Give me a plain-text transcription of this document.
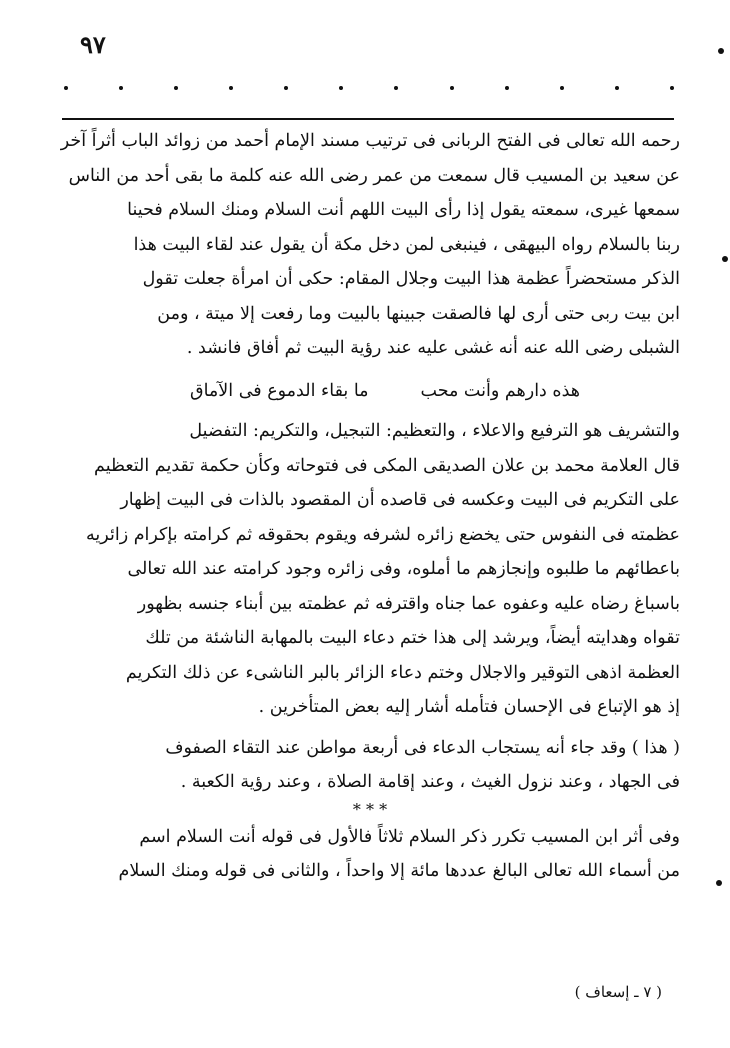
٩٧

رحمه الله تعالى فى الفتح الربانى فى ترتيب مسند الإمام أحمد من زوائد الباب أثراً آخر

عن سعيد بن المسيب قال سمعت من عمر رضى الله عنه كلمة ما بقى أحد من الناس

سمعها غيرى، سمعته يقول إذا رأى البيت اللهم أنت السلام ومنك السلام فحينا

ربنا بالسلام رواه البيهقى ، فينبغى لمن دخل مكة أن يقول عند لقاء البيت هذا

الذكر مستحضراً عظمة هذا البيت وجلال المقام: حكى أن امرأة جعلت تقول

ابن بيت ربى حتى أرى لها فالصقت جبينها بالبيت وما رفعت إلا ميتة ، ومن

الشبلى رضى الله عنه أنه غشى عليه عند رؤية البيت ثم أفاق فانشد .

هذه دارهم وأنت محب
ما بقاء الدموع فى الآماق

والتشريف هو الترفيع والاعلاء ، والتعظيم: التبجيل، والتكريم: التفضيل

قال العلامة محمد بن علان الصديقى المكى فى فتوحاته وكأن حكمة تقديم التعظيم

على التكريم فى البيت وعكسه فى قاصده أن المقصود بالذات فى البيت إظهار

عظمته فى النفوس حتى يخضع زائره لشرفه ويقوم بحقوقه ثم كرامته بإكرام زائريه

باعطائهم ما طلبوه وإنجازهم ما أملوه، وفى زائره وجود كرامته عند الله تعالى

باسباغ رضاه عليه وعفوه عما جناه واقترفه ثم عظمته بين أبناء جنسه بظهور

تقواه وهدايته أيضاً، ويرشد إلى هذا ختم دعاء البيت بالمهابة الناشئة من تلك

العظمة اذهى التوقير والاجلال وختم دعاء الزائر بالبر الناشىء عن ذلك التكريم

إذ هو الإتباع فى الإحسان فتأمله أشار إليه بعض المتأخرين .

( هذا ) وقد جاء أنه يستجاب الدعاء فى أربعة مواطن عند التقاء الصفوف

فى الجهاد ، وعند نزول الغيث ، وعند إقامة الصلاة ، وعند رؤية الكعبة .

* * *

وفى أثر ابن المسيب تكرر ذكر السلام ثلاثاً فالأول فى قوله أنت السلام اسم

من أسماء الله تعالى البالغ عددها مائة إلا واحداً ، والثانى فى قوله ومنك السلام

( ٧ ـ إسعاف )
